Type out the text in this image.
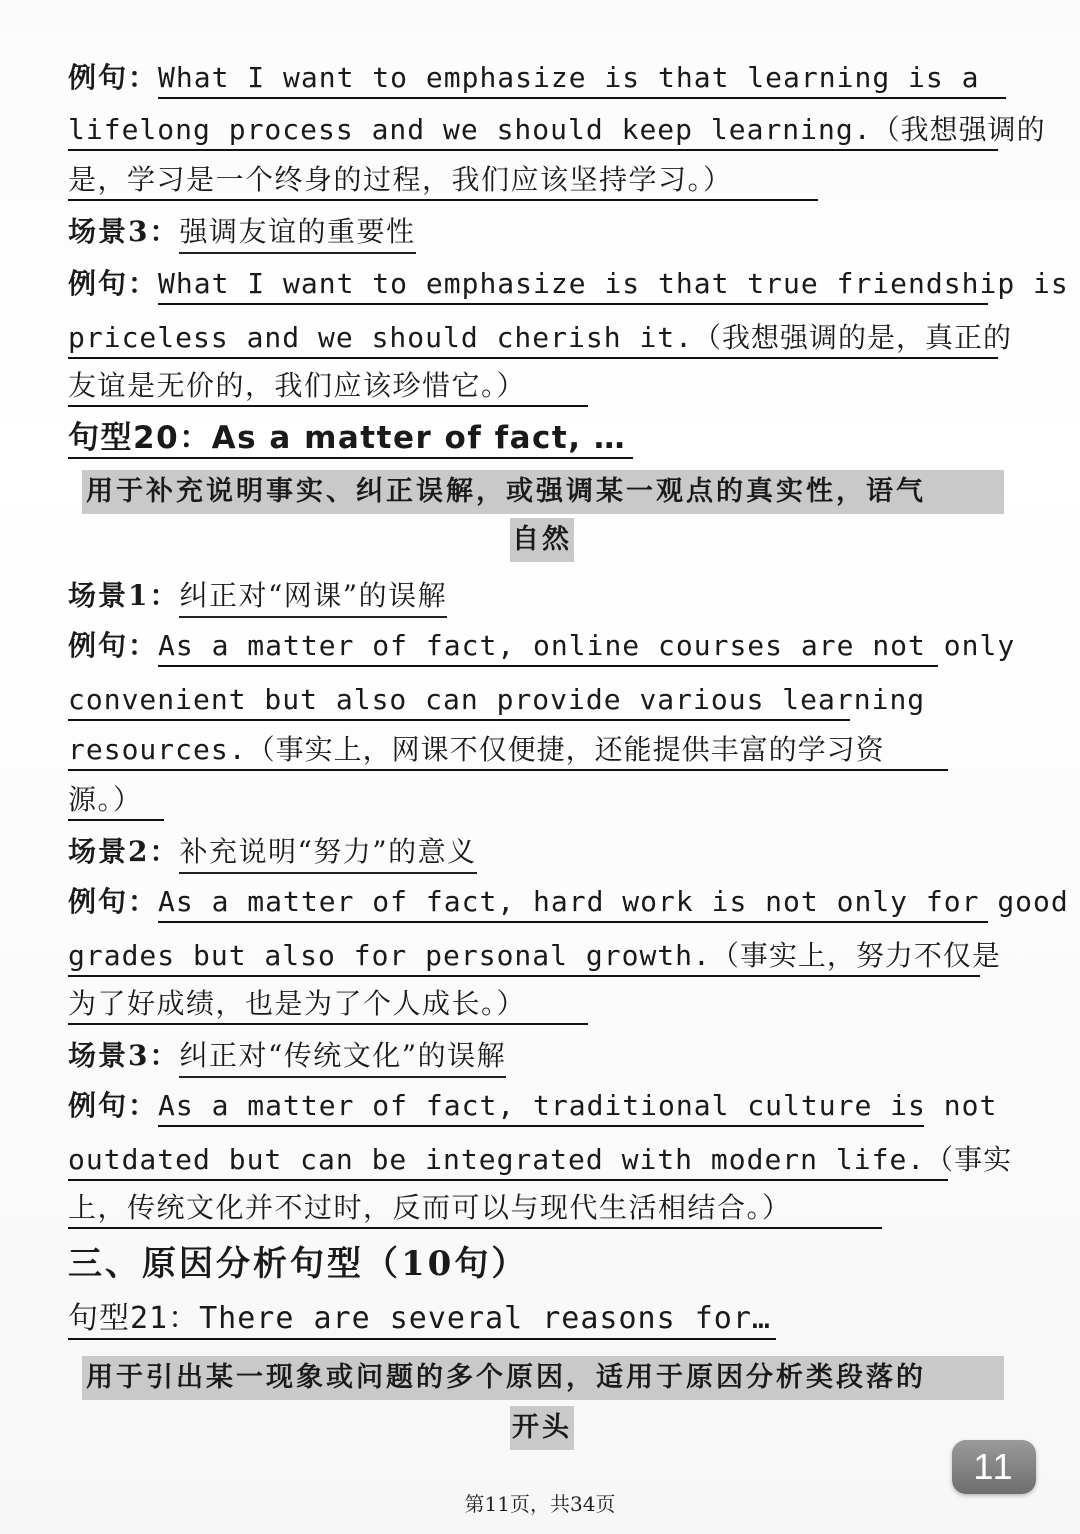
例句：What I want to emphasize is that learning is a
lifelong process and we should keep learning.（我想强调的
是，学习是一个终身的过程，我们应该坚持学习。）
场景3：强调友谊的重要性
例句：What I want to emphasize is that true friendship is
priceless and we should cherish it.（我想强调的是，真正的
友谊是无价的，我们应该珍惜它。）
句型20：As a matter of fact, …
用于补充说明事实、纠正误解，或强调某一观点的真实性，语气
自然
场景1：纠正对“网课”的误解
例句：As a matter of fact, online courses are not only
convenient but also can provide various learning
resources.（事实上，网课不仅便捷，还能提供丰富的学习资
源。）
场景2：补充说明“努力”的意义
例句：As a matter of fact, hard work is not only for good
grades but also for personal growth.（事实上，努力不仅是
为了好成绩，也是为了个人成长。）
场景3：纠正对“传统文化”的误解
例句：As a matter of fact, traditional culture is not
outdated but can be integrated with modern life.（事实
上，传统文化并不过时，反而可以与现代生活相结合。）
三、原因分析句型（10句）
句型21：There are several reasons for…
用于引出某一现象或问题的多个原因，适用于原因分析类段落的
开头
11
第11页，共34页
